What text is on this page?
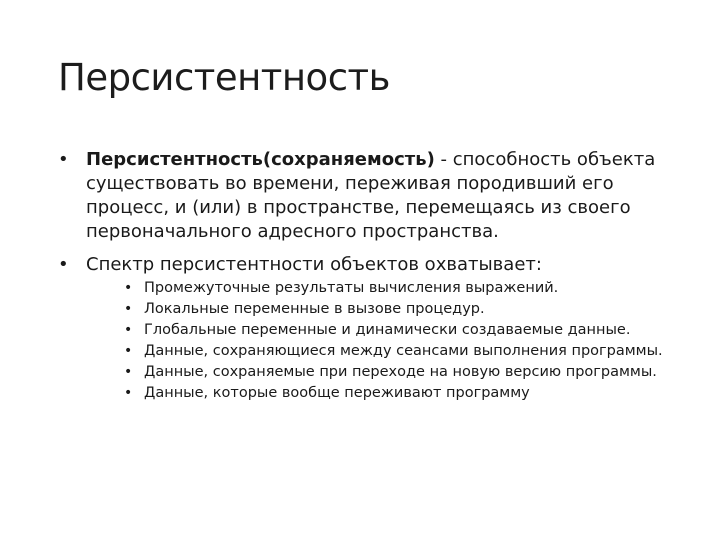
Персистентность
• Персистентность(сохраняемость) - способность объекта существовать во времени, переживая породивший его процесс, и (или) в пространстве, перемещаясь из своего первоначального адресного пространства.
• Спектр персистентности объектов охватывает:
• Промежуточные результаты вычисления выражений.
• Локальные переменные в вызове процедур.
• Глобальные переменные и динамически создаваемые данные.
• Данные, сохраняющиеся между сеансами выполнения программы.
• Данные, сохраняемые при переходе на новую версию программы.
• Данные, которые вообще переживают программу
